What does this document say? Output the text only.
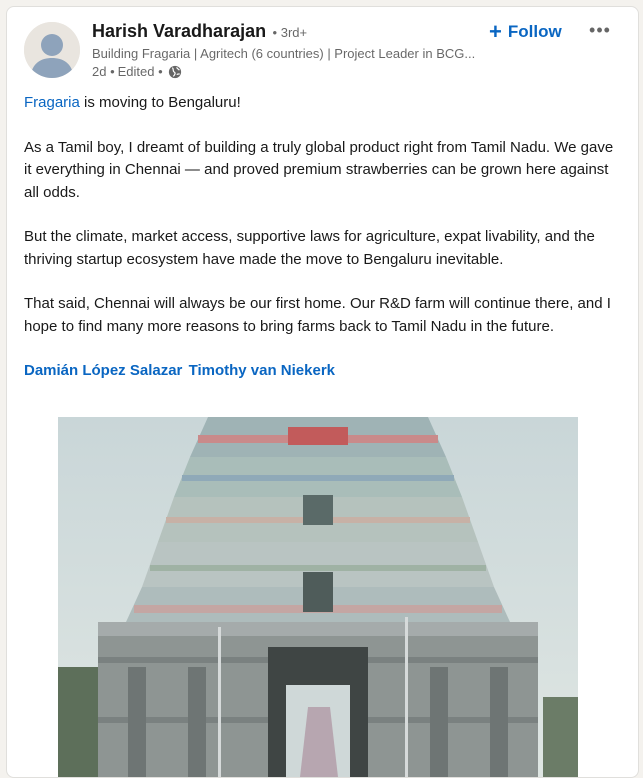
Harish Varadharajan • 3rd+
Building Fragaria | Agritech (6 countries) | Project Leader in BCG...
2d • Edited •
+ Follow •••

Fragaria is moving to Bengaluru!

As a Tamil boy, I dreamt of building a truly global product right from Tamil Nadu. We gave it everything in Chennai — and proved premium strawberries can be grown here against all odds.

But the climate, market access, supportive laws for agriculture, expat livability, and the thriving startup ecosystem have made the move to Bengaluru inevitable.

That said, Chennai will always be our first home. Our R&D farm will continue there, and I hope to find many more reasons to bring farms back to Tamil Nadu in the future.

Damián López Salazar Timothy van Niekerk
